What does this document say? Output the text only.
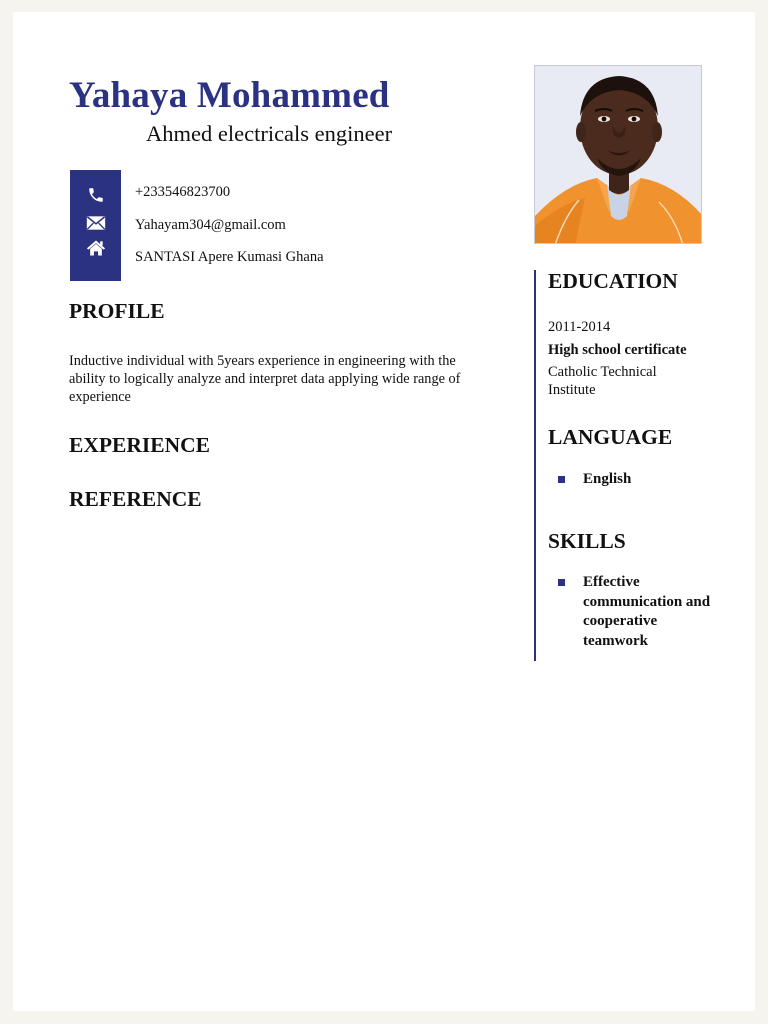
Yahaya Mohammed
Ahmed electricals engineer
+233546823700
Yahayam304@gmail.com
SANTASI Apere Kumasi Ghana
PROFILE
Inductive individual with 5years experience in engineering with the ability to logically analyze and interpret data applying wide range of experience
EXPERIENCE
REFERENCE
EDUCATION
2011-2014
High school certificate
Catholic Technical
Institute
LANGUAGE
English
SKILLS
Effective communication and cooperative teamwork
